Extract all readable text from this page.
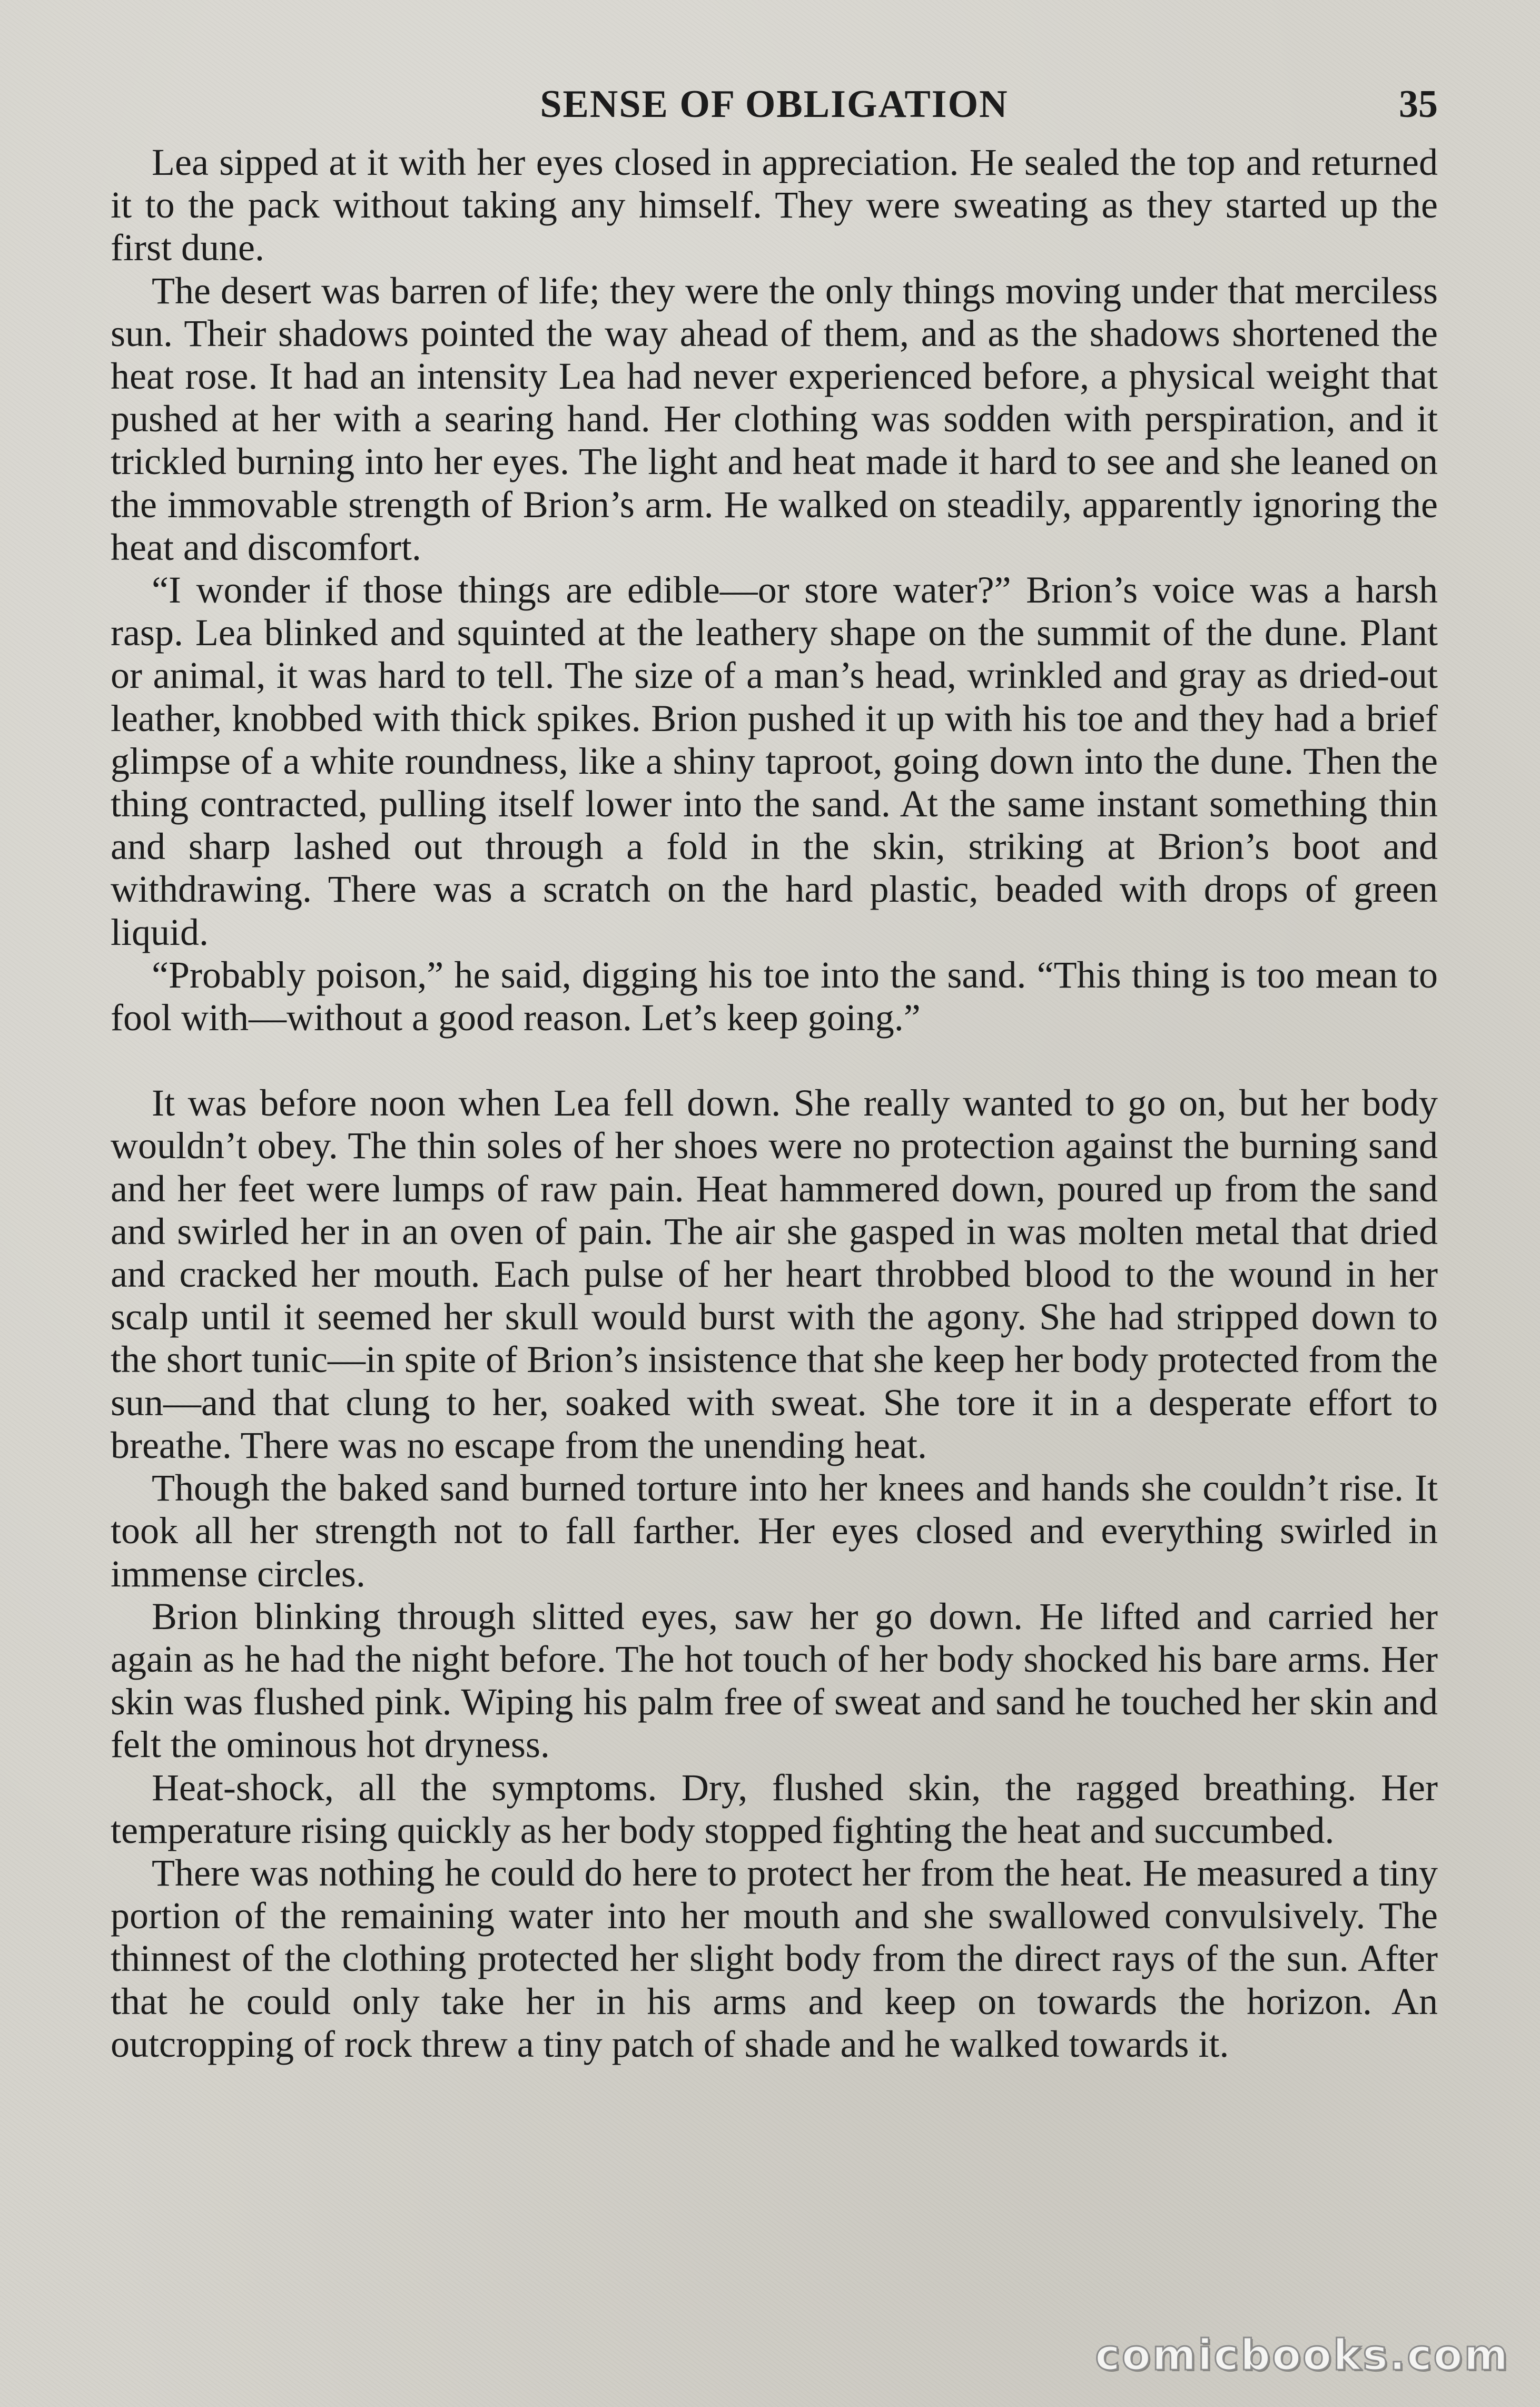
SENSE OF OBLIGATION	35

Lea sipped at it with her eyes closed in appreciation. He sealed the top and returned it to the pack without taking any himself. They were sweating as they started up the first dune.

The desert was barren of life; they were the only things moving under that merciless sun. Their shadows pointed the way ahead of them, and as the shadows shortened the heat rose. It had an intensity Lea had never experienced before, a physical weight that pushed at her with a searing hand. Her clothing was sodden with perspiration, and it trickled burning into her eyes. The light and heat made it hard to see and she leaned on the immovable strength of Brion’s arm. He walked on steadily, apparently ignoring the heat and discomfort.

“I wonder if those things are edible—or store water?” Brion’s voice was a harsh rasp. Lea blinked and squinted at the leathery shape on the summit of the dune. Plant or animal, it was hard to tell. The size of a man’s head, wrinkled and gray as dried-out leather, knobbed with thick spikes. Brion pushed it up with his toe and they had a brief glimpse of a white roundness, like a shiny taproot, going down into the dune. Then the thing contracted, pulling itself lower into the sand. At the same instant something thin and sharp lashed out through a fold in the skin, striking at Brion’s boot and withdrawing. There was a scratch on the hard plastic, beaded with drops of green liquid.

“Probably poison,” he said, digging his toe into the sand. “This thing is too mean to fool with—without a good reason. Let’s keep going.”

It was before noon when Lea fell down. She really wanted to go on, but her body wouldn’t obey. The thin soles of her shoes were no protection against the burning sand and her feet were lumps of raw pain. Heat hammered down, poured up from the sand and swirled her in an oven of pain. The air she gasped in was molten metal that dried and cracked her mouth. Each pulse of her heart throbbed blood to the wound in her scalp until it seemed her skull would burst with the agony. She had stripped down to the short tunic—in spite of Brion’s insistence that she keep her body protected from the sun—and that clung to her, soaked with sweat. She tore it in a desperate effort to breathe. There was no escape from the unending heat.

Though the baked sand burned torture into her knees and hands she couldn’t rise. It took all her strength not to fall farther. Her eyes closed and everything swirled in immense circles.

Brion blinking through slitted eyes, saw her go down. He lifted and carried her again as he had the night before. The hot touch of her body shocked his bare arms. Her skin was flushed pink. Wiping his palm free of sweat and sand he touched her skin and felt the ominous hot dryness.

Heat-shock, all the symptoms. Dry, flushed skin, the ragged breathing. Her temperature rising quickly as her body stopped fighting the heat and succumbed.

There was nothing he could do here to protect her from the heat. He measured a tiny portion of the remaining water into her mouth and she swallowed convulsively. The thinnest of the clothing protected her slight body from the direct rays of the sun. After that he could only take her in his arms and keep on towards the horizon. An outcropping of rock threw a tiny patch of shade and he walked towards it.

comicbooks.com
